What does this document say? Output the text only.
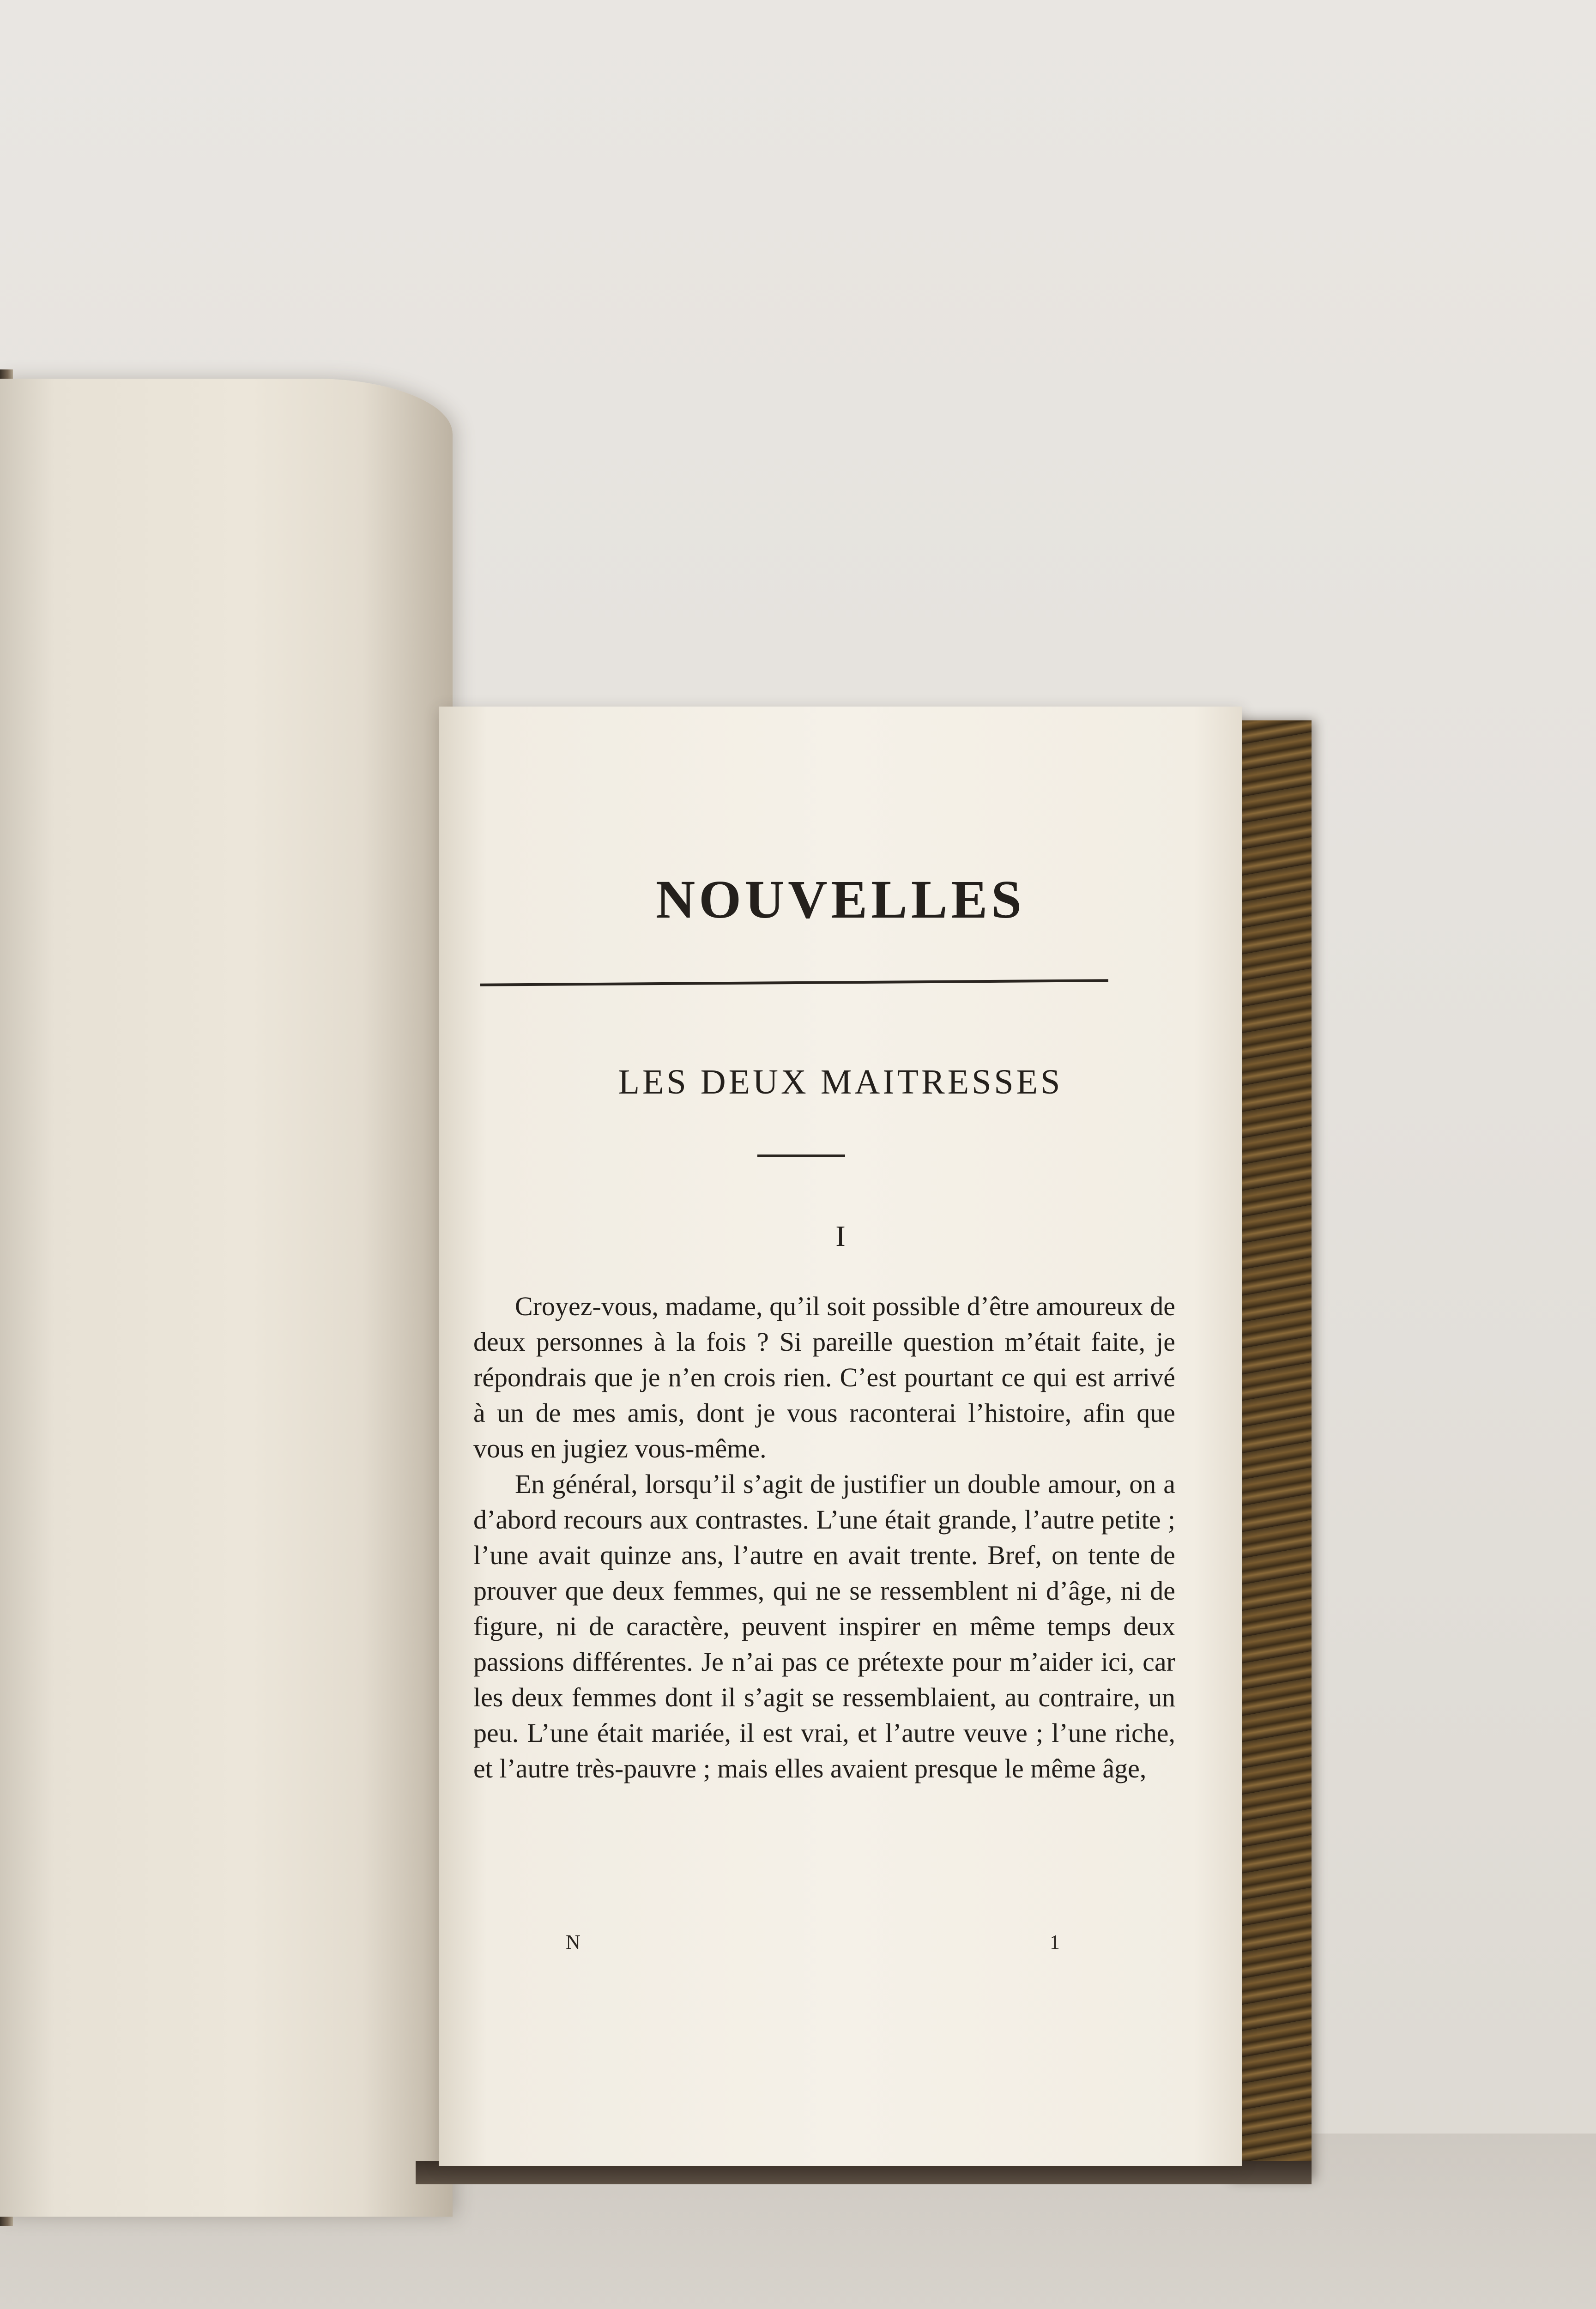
NOUVELLES
LES DEUX MAITRESSES
I

Croyez-vous, madame, qu’il soit possible d’être amoureux de deux personnes à la fois ? Si pareille question m’était faite, je répondrais que je n’en crois rien. C’est pourtant ce qui est arrivé à un de mes amis, dont je vous raconterai l’histoire, afin que vous en jugiez vous-même.

En général, lorsqu’il s’agit de justifier un double amour, on a d’abord recours aux contrastes. L’une était grande, l’autre petite ; l’une avait quinze ans, l’autre en avait trente. Bref, on tente de prouver que deux femmes, qui ne se ressemblent ni d’âge, ni de figure, ni de caractère, peuvent inspirer en même temps deux passions différentes. Je n’ai pas ce prétexte pour m’aider ici, car les deux femmes dont il s’agit se ressemblaient, au contraire, un peu. L’une était mariée, il est vrai, et l’autre veuve ; l’une riche, et l’autre très-pauvre ; mais elles avaient presque le même âge,

N	1
